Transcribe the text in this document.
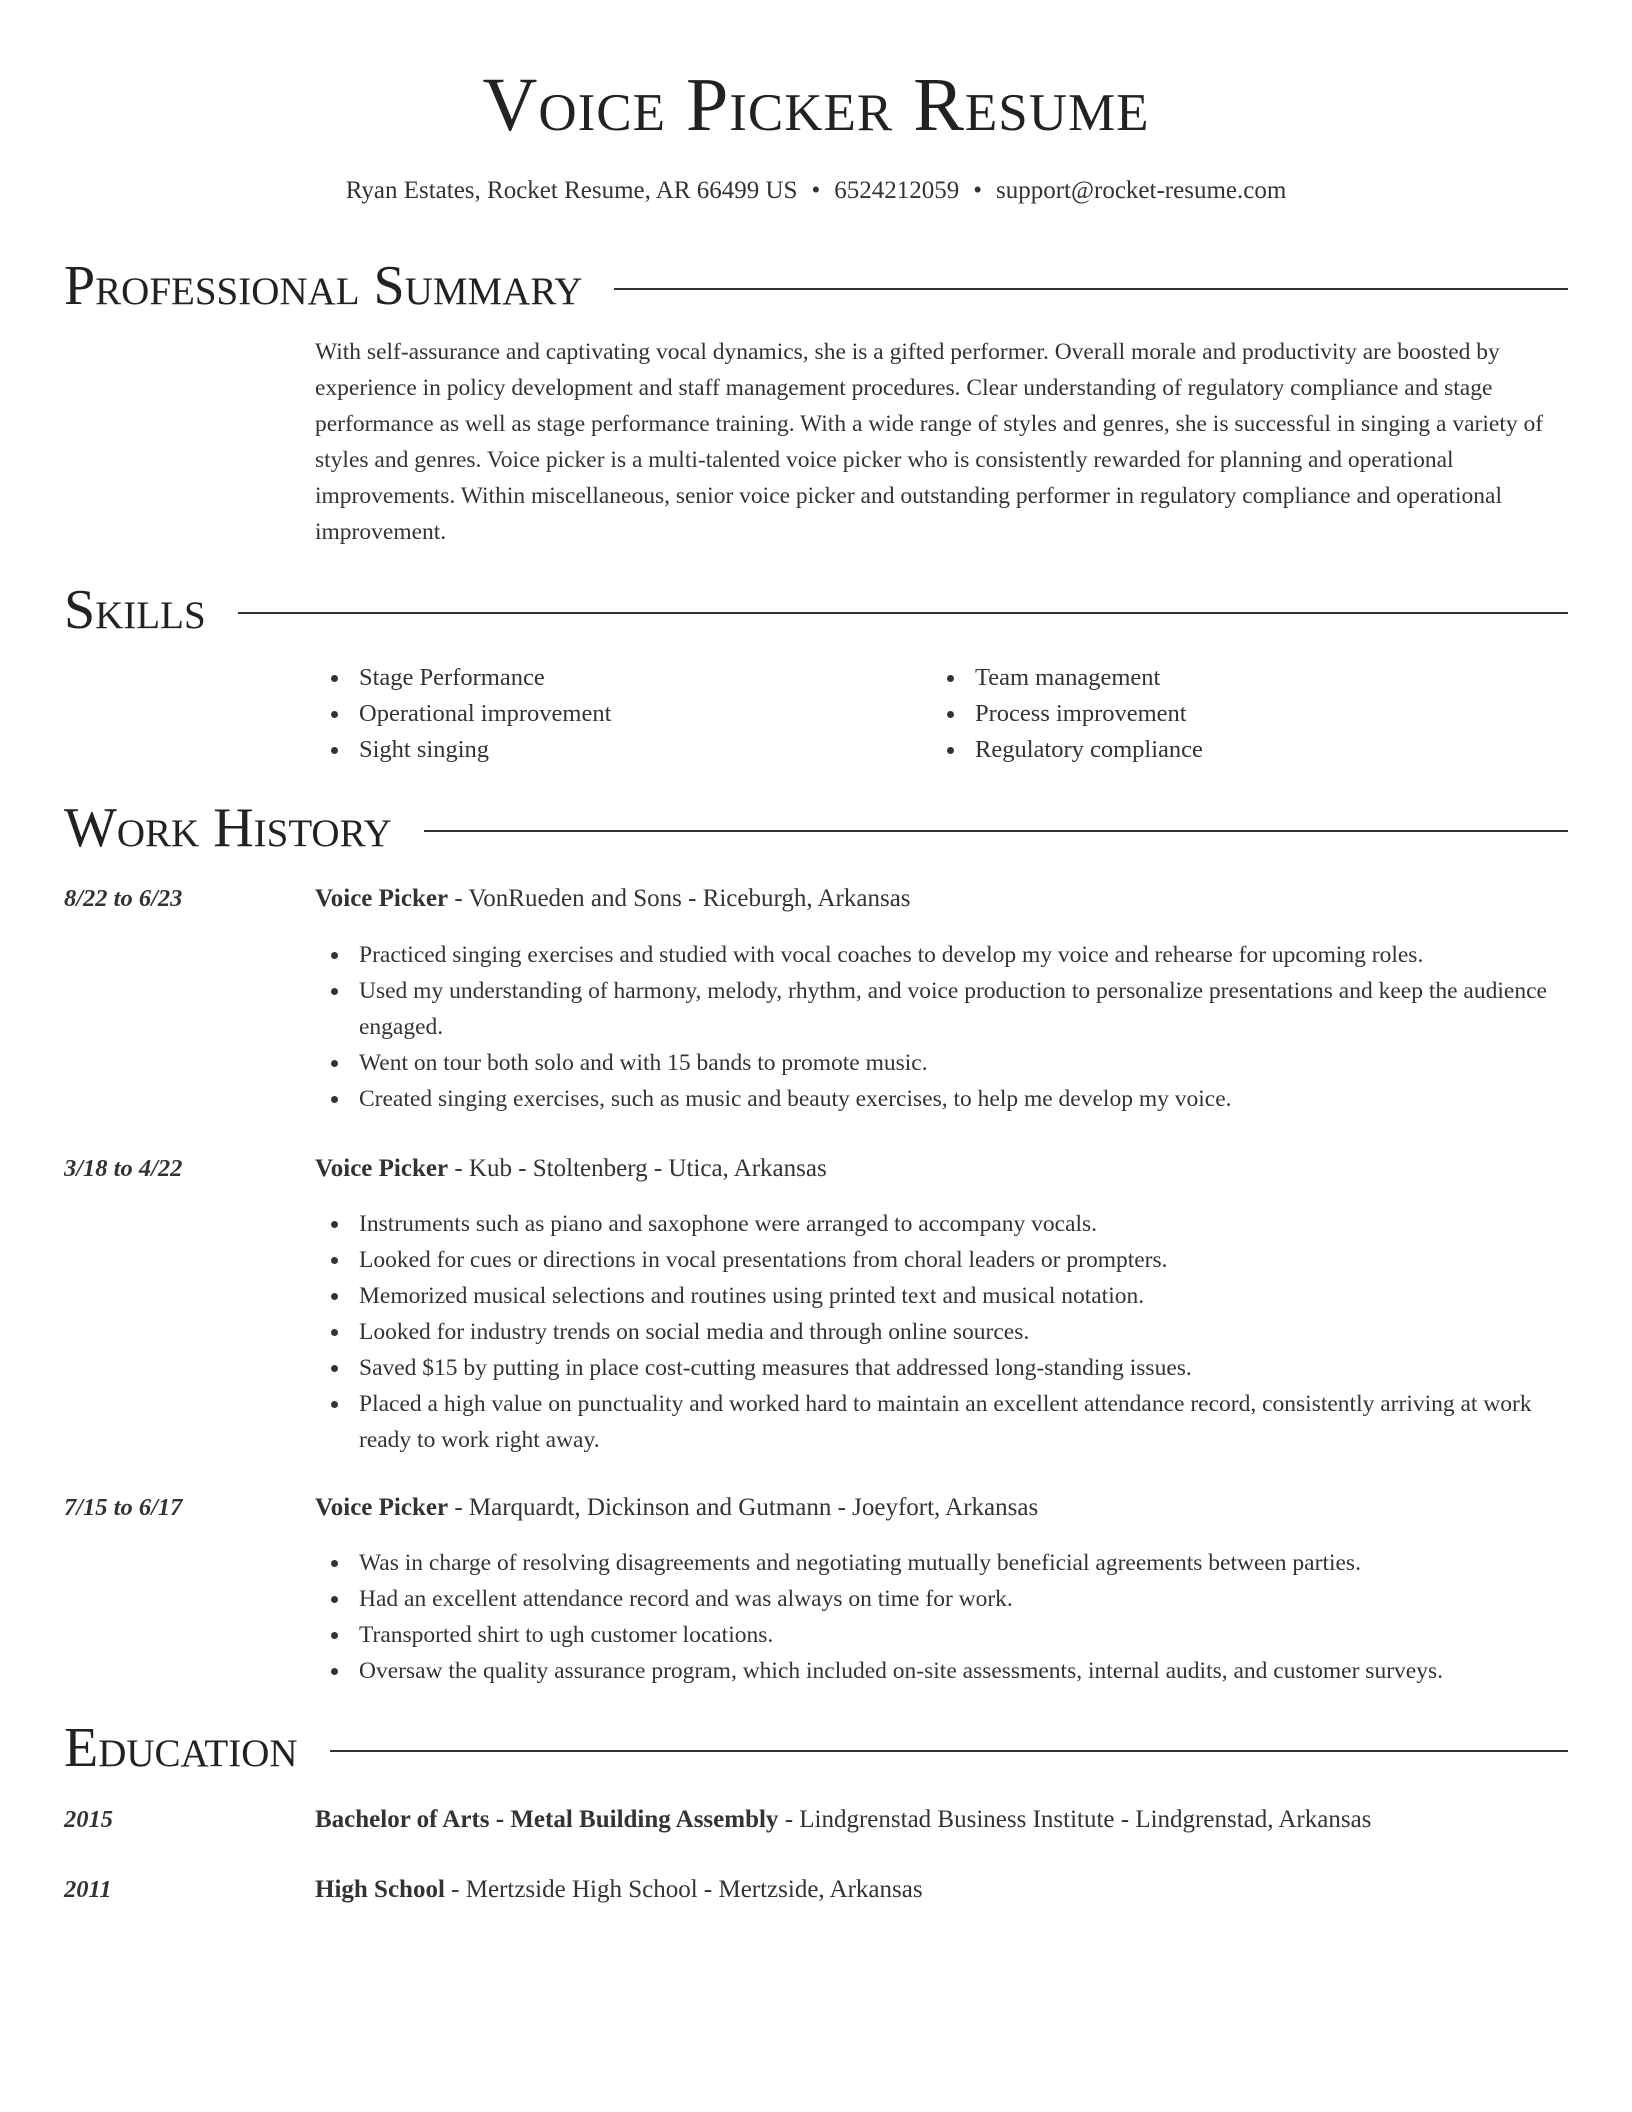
Voice Picker Resume
Ryan Estates, Rocket Resume, AR 66499 US • 6524212059 • support@rocket-resume.com
Professional Summary
With self-assurance and captivating vocal dynamics, she is a gifted performer. Overall morale and productivity are boosted by experience in policy development and staff management procedures. Clear understanding of regulatory compliance and stage performance as well as stage performance training. With a wide range of styles and genres, she is successful in singing a variety of styles and genres. Voice picker is a multi-talented voice picker who is consistently rewarded for planning and operational improvements. Within miscellaneous, senior voice picker and outstanding performer in regulatory compliance and operational improvement.
Skills
Stage Performance
Operational improvement
Sight singing
Team management
Process improvement
Regulatory compliance
Work History
8/22 to 6/23	Voice Picker - VonRueden and Sons - Riceburgh, Arkansas
Practiced singing exercises and studied with vocal coaches to develop my voice and rehearse for upcoming roles.
Used my understanding of harmony, melody, rhythm, and voice production to personalize presentations and keep the audience engaged.
Went on tour both solo and with 15 bands to promote music.
Created singing exercises, such as music and beauty exercises, to help me develop my voice.
3/18 to 4/22	Voice Picker - Kub - Stoltenberg - Utica, Arkansas
Instruments such as piano and saxophone were arranged to accompany vocals.
Looked for cues or directions in vocal presentations from choral leaders or prompters.
Memorized musical selections and routines using printed text and musical notation.
Looked for industry trends on social media and through online sources.
Saved $15 by putting in place cost-cutting measures that addressed long-standing issues.
Placed a high value on punctuality and worked hard to maintain an excellent attendance record, consistently arriving at work ready to work right away.
7/15 to 6/17	Voice Picker - Marquardt, Dickinson and Gutmann - Joeyfort, Arkansas
Was in charge of resolving disagreements and negotiating mutually beneficial agreements between parties.
Had an excellent attendance record and was always on time for work.
Transported shirt to ugh customer locations.
Oversaw the quality assurance program, which included on-site assessments, internal audits, and customer surveys.
Education
2015	Bachelor of Arts - Metal Building Assembly - Lindgrenstad Business Institute - Lindgrenstad, Arkansas
2011	High School - Mertzside High School - Mertzside, Arkansas
